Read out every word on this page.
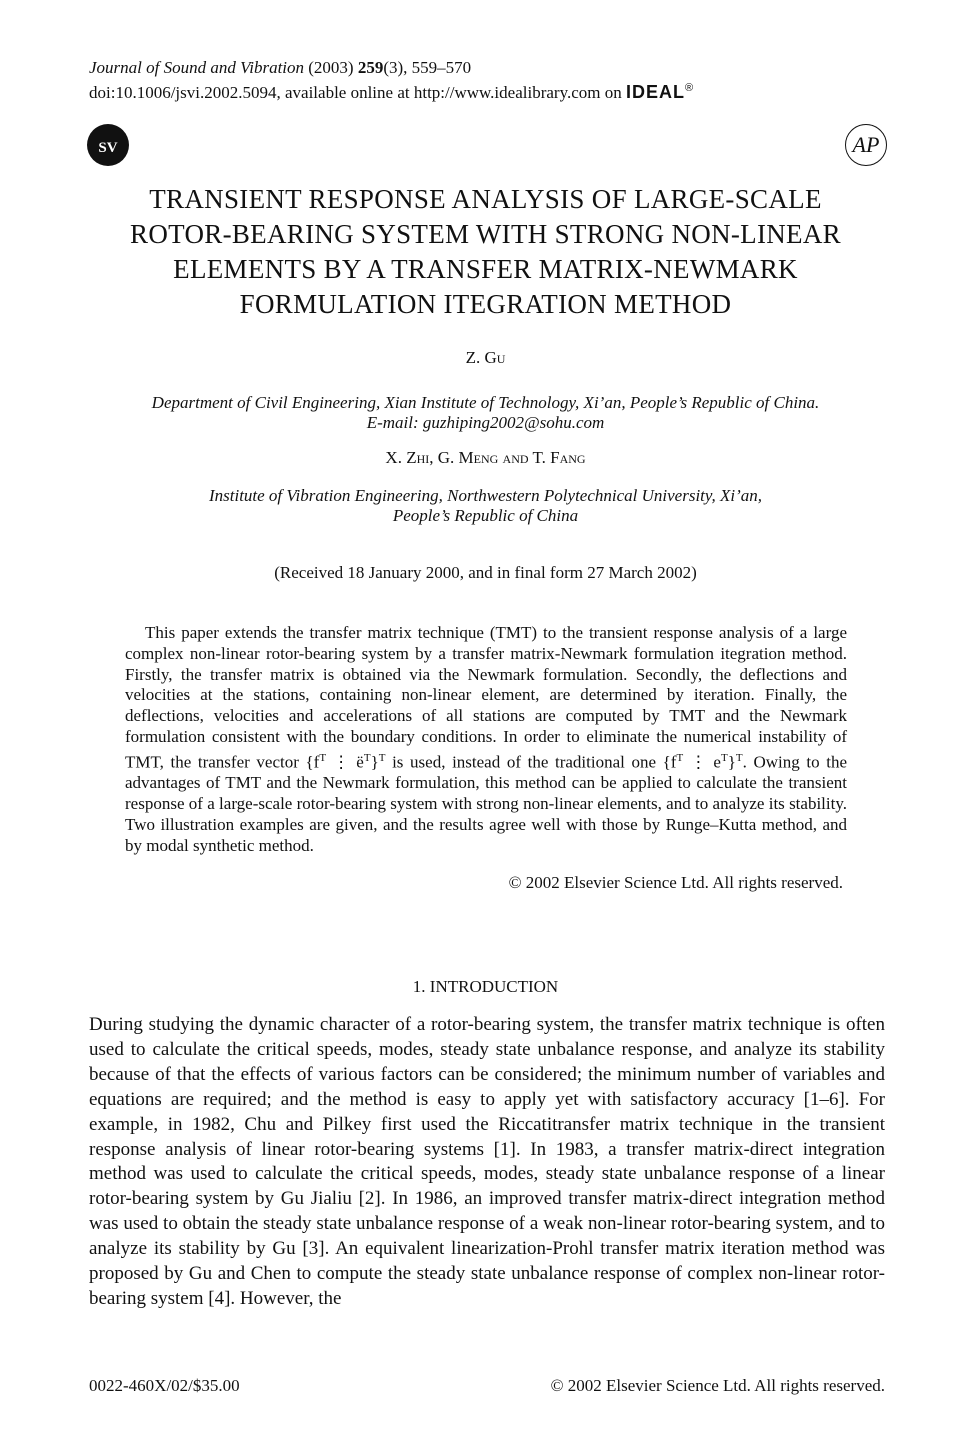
Journal of Sound and Vibration (2003) 259(3), 559–570
doi:10.1006/jsvi.2002.5094, available online at http://www.idealibrary.com on IDEAL®
SV	AP
TRANSIENT RESPONSE ANALYSIS OF LARGE-SCALE
ROTOR-BEARING SYSTEM WITH STRONG NON-LINEAR
ELEMENTS BY A TRANSFER MATRIX-NEWMARK
FORMULATION ITEGRATION METHOD
Z. Gu
Department of Civil Engineering, Xian Institute of Technology, Xi’an, People’s Republic of China.
E-mail: guzhiping2002@sohu.com
X. Zhi, G. Meng and T. Fang
Institute of Vibration Engineering, Northwestern Polytechnical University, Xi’an,
People’s Republic of China
(Received 18 January 2000, and in final form 27 March 2002)
This paper extends the transfer matrix technique (TMT) to the transient response analysis of a large complex non-linear rotor-bearing system by a transfer matrix-Newmark formulation itegration method. Firstly, the transfer matrix is obtained via the Newmark formulation. Secondly, the deflections and velocities at the stations, containing non-linear element, are determined by iteration. Finally, the deflections, velocities and accelerations of all stations are computed by TMT and the Newmark formulation consistent with the boundary conditions. In order to eliminate the numerical instability of TMT, the transfer vector {$f^T$ ⋮ $ë^T\}^T$ is used, instead of the traditional one {$f^T$ ⋮ $e^T\}^T$. Owing to the advantages of TMT and the Newmark formulation, this method can be applied to calculate the transient response of a large-scale rotor-bearing system with strong non-linear elements, and to analyze its stability. Two illustration examples are given, and the results agree well with those by Runge–Kutta method, and by modal synthetic method.
© 2002 Elsevier Science Ltd. All rights reserved.
1. INTRODUCTION
During studying the dynamic character of a rotor-bearing system, the transfer matrix technique is often used to calculate the critical speeds, modes, steady state unbalance response, and analyze its stability because of that the effects of various factors can be considered; the minimum number of variables and equations are required; and the method is easy to apply yet with satisfactory accuracy [1–6]. For example, in 1982, Chu and Pilkey first used the Riccatitransfer matrix technique in the transient response analysis of linear rotor-bearing systems [1]. In 1983, a transfer matrix-direct integration method was used to calculate the critical speeds, modes, steady state unbalance response of a linear rotor-bearing system by Gu Jialiu [2]. In 1986, an improved transfer matrix-direct integration method was used to obtain the steady state unbalance response of a weak non-linear rotor-bearing system, and to analyze its stability by Gu [3]. An equivalent linearization-Prohl transfer matrix iteration method was proposed by Gu and Chen to compute the steady state unbalance response of complex non-linear rotor-bearing system [4]. However, the
0022-460X/02/$35.00	© 2002 Elsevier Science Ltd. All rights reserved.
